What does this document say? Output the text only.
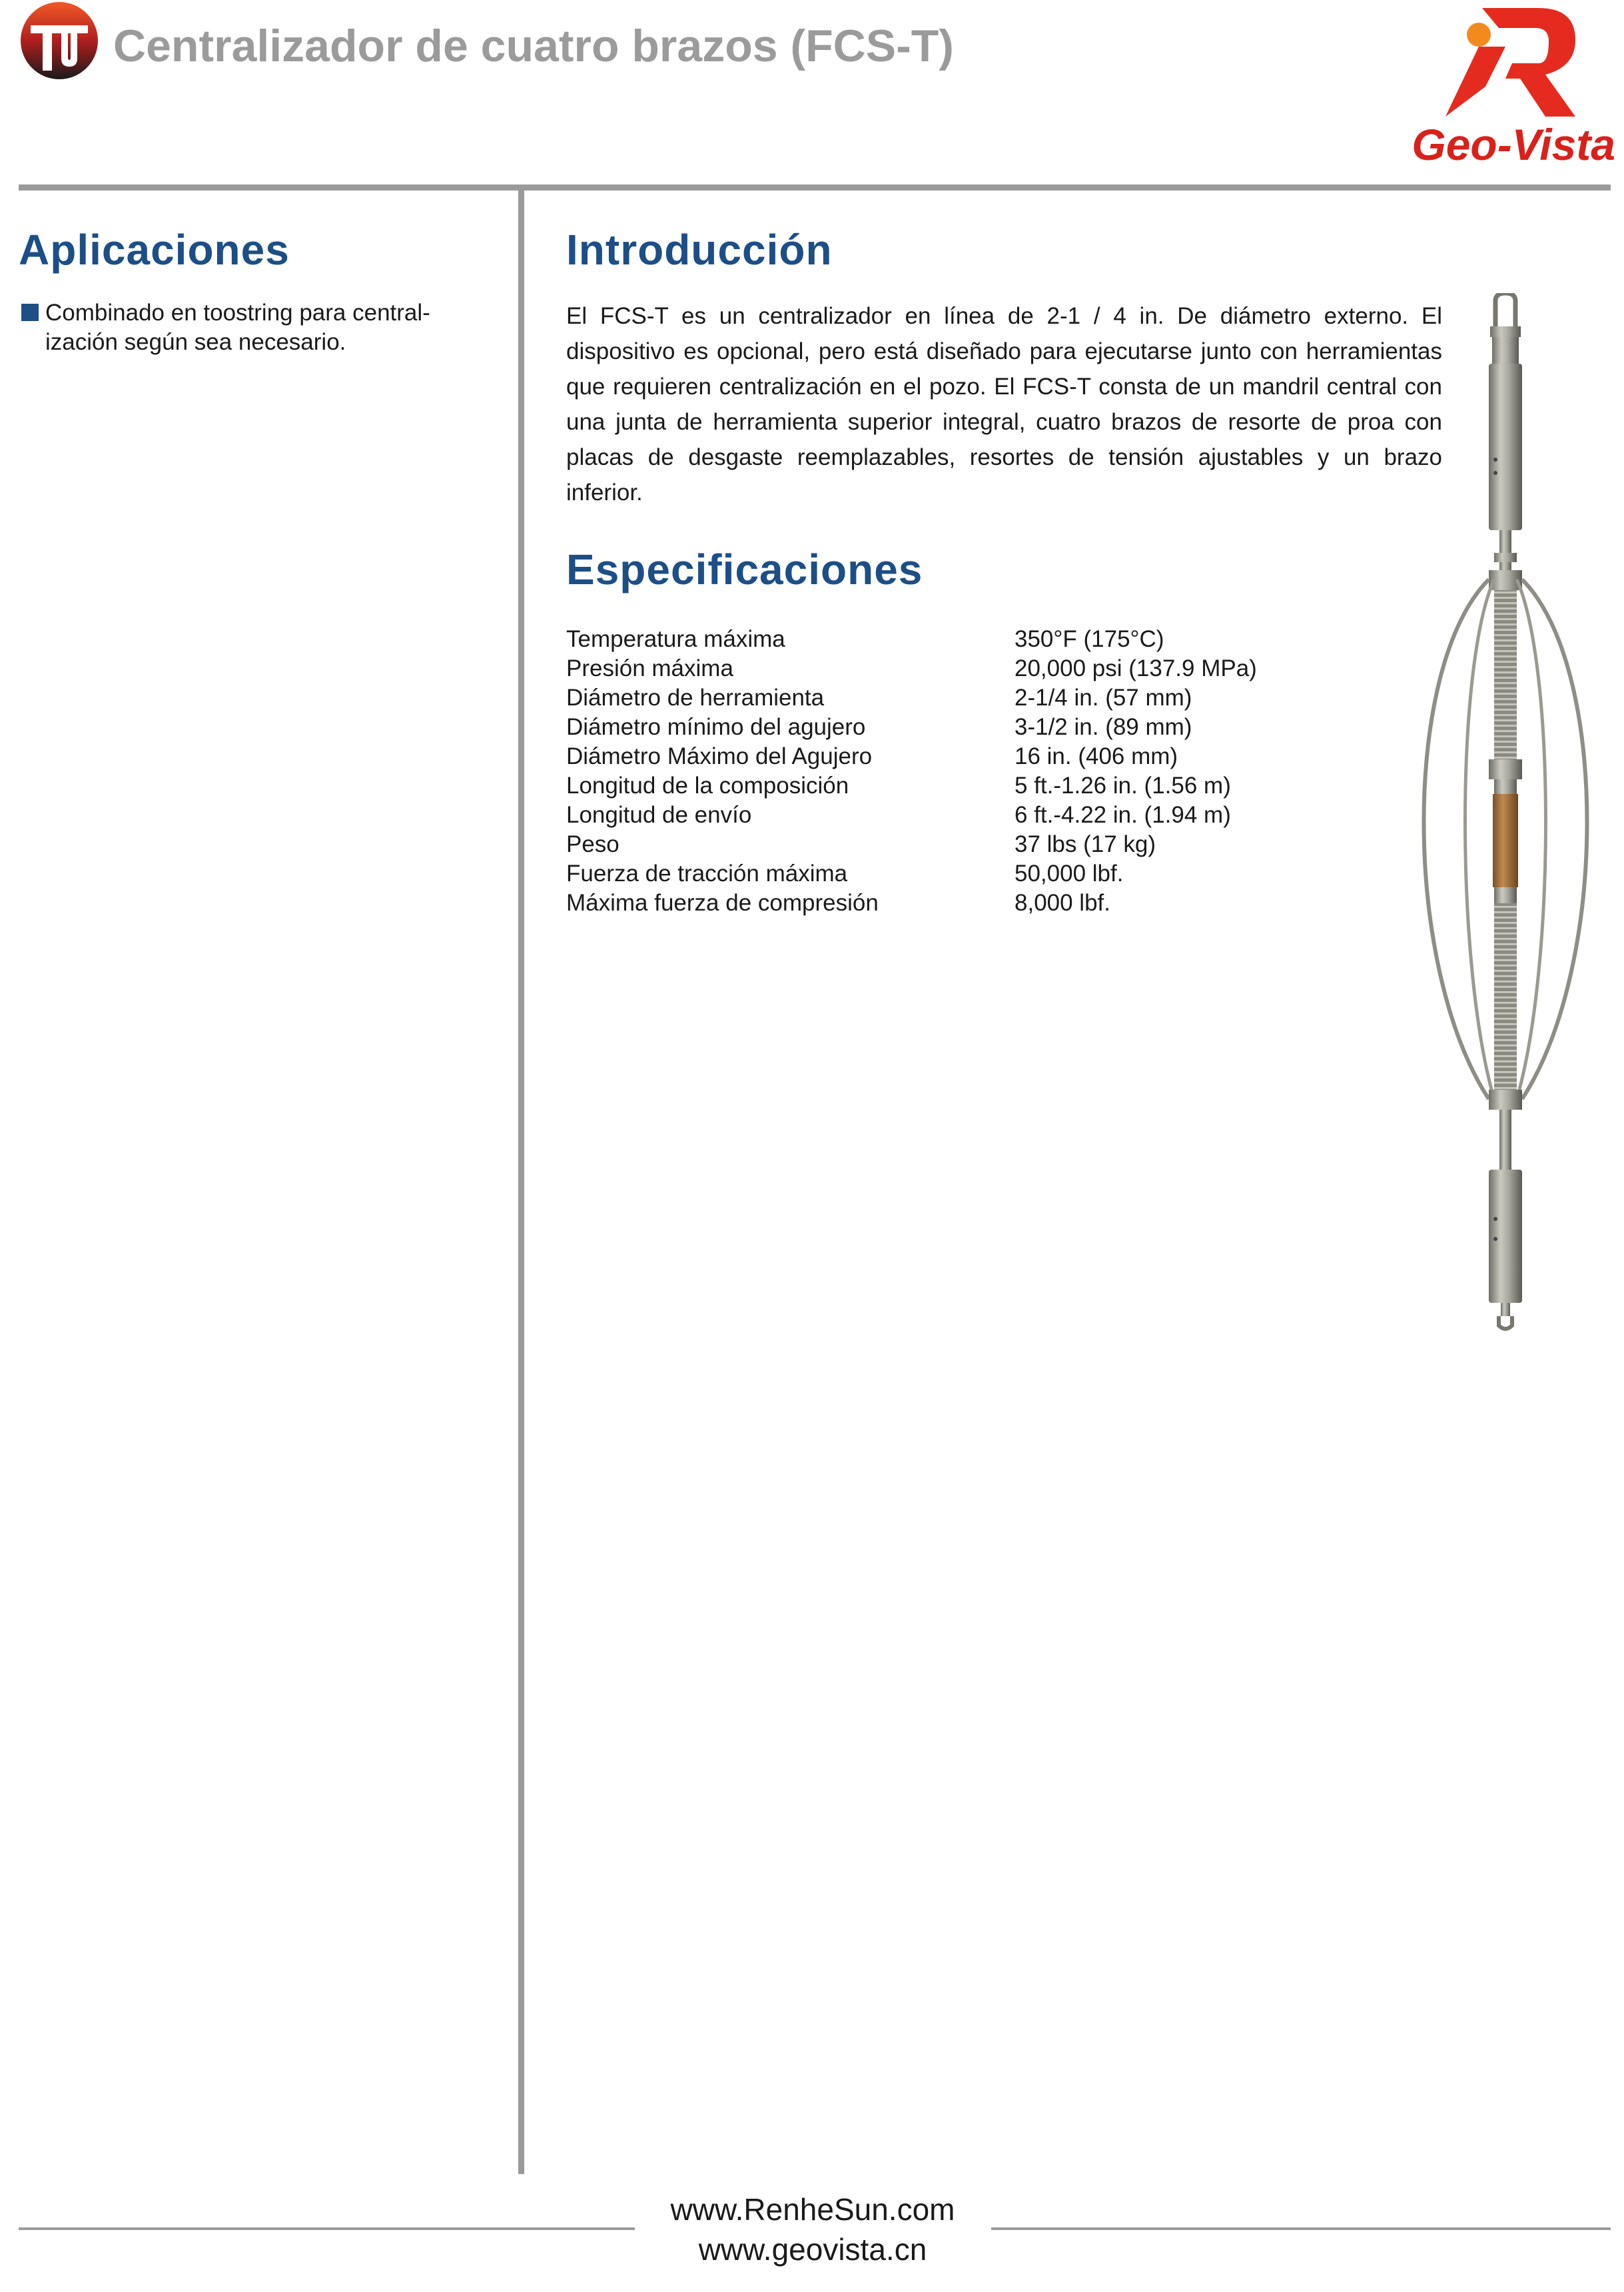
Centralizador de cuatro brazos (FCS-T)
Geo-Vista
Aplicaciones
Combinado en toostring para central-ización según sea necesario.
Introducción

El FCS-T es un centralizador en línea de 2-1 / 4 in. De diámetro externo. El dispositivo es opcional, pero está diseñado para ejecutarse junto con herramientas que requieren centralización en el pozo. El FCS-T consta de un mandril central con una junta de herramienta superior integral, cuatro brazos de resorte de proa con placas de desgaste reemplazables, resortes de tensión ajustables y un brazo inferior.

Especificaciones
Temperatura máxima	350°F (175°C)
Presión máxima	20,000 psi (137.9 MPa)
Diámetro de herramienta	2-1/4 in. (57 mm)
Diámetro mínimo del agujero	3-1/2 in. (89 mm)
Diámetro Máximo del Agujero	16 in. (406 mm)
Longitud de la composición	5 ft.-1.26 in. (1.56 m)
Longitud de envío	6 ft.-4.22 in. (1.94 m)
Peso	37 lbs (17 kg)
Fuerza de tracción máxima	50,000 lbf.
Máxima fuerza de compresión	8,000 lbf.
www.RenheSun.com
www.geovista.cn
